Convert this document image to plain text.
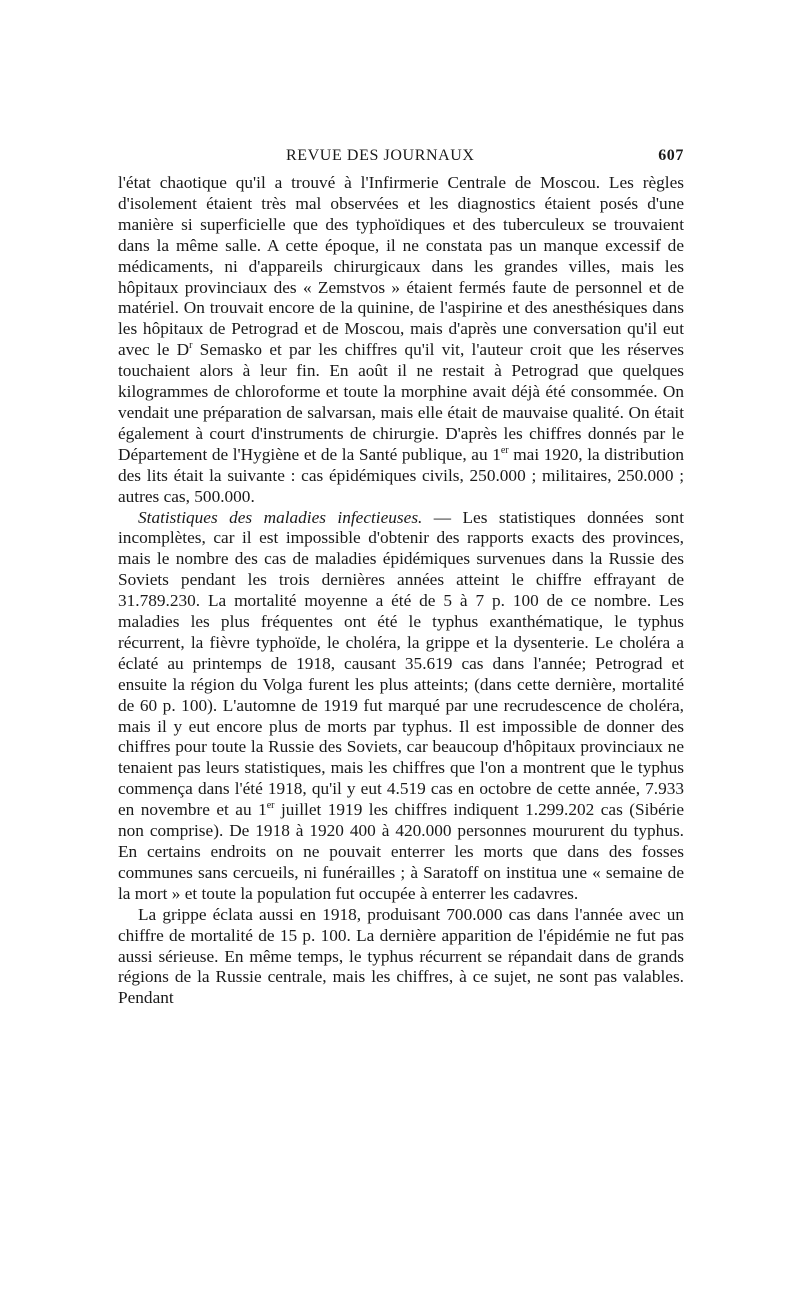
REVUE DES JOURNAUX	607

l'état chaotique qu'il a trouvé à l'Infirmerie Centrale de Moscou. Les règles d'isolement étaient très mal observées et les diagnostics étaient posés d'une manière si superficielle que des typhoïdiques et des tuberculeux se trouvaient dans la même salle. A cette époque, il ne constata pas un manque excessif de médicaments, ni d'appareils chirurgicaux dans les grandes villes, mais les hôpitaux provinciaux des « Zemstvos » étaient fermés faute de personnel et de matériel. On trouvait encore de la quinine, de l'aspirine et des anesthésiques dans les hôpitaux de Petrograd et de Moscou, mais d'après une conversation qu'il eut avec le $D^r$ Semasko et par les chiffres qu'il vit, l'auteur croit que les réserves touchaient alors à leur fin. En août il ne restait à Petrograd que quelques kilogrammes de chloroforme et toute la morphine avait déjà été consommée. On vendait une préparation de salvarsan, mais elle était de mauvaise qualité. On était également à court d'instruments de chirurgie. D'après les chiffres donnés par le Département de l'Hygiène et de la Santé publique, au 1er mai 1920, la distribution des lits était la suivante : cas épidémiques civils, 250.000 ; militaires, 250.000 ; autres cas, 500.000.

Statistiques des maladies infectieuses. — Les statistiques données sont incomplètes, car il est impossible d'obtenir des rapports exacts des provinces, mais le nombre des cas de maladies épidémiques survenues dans la Russie des Soviets pendant les trois dernières années atteint le chiffre effrayant de 31.789.230. La mortalité moyenne a été de 5 à 7 p. 100 de ce nombre. Les maladies les plus fréquentes ont été le typhus exanthématique, le typhus récurrent, la fièvre typhoïde, le choléra, la grippe et la dysenterie. Le choléra a éclaté au printemps de 1918, causant 35.619 cas dans l'année; Petrograd et ensuite la région du Volga furent les plus atteints; (dans cette dernière, mortalité de 60 p. 100). L'automne de 1919 fut marqué par une recrudescence de choléra, mais il y eut encore plus de morts par typhus. Il est impossible de donner des chiffres pour toute la Russie des Soviets, car beaucoup d'hôpitaux provinciaux ne tenaient pas leurs statistiques, mais les chiffres que l'on a montrent que le typhus commença dans l'été 1918, qu'il y eut 4.519 cas en octobre de cette année, 7.933 en novembre et au 1er juillet 1919 les chiffres indiquent 1.299.202 cas (Sibérie non comprise). De 1918 à 1920 400 à 420.000 personnes moururent du typhus. En certains endroits on ne pouvait enterrer les morts que dans des fosses communes sans cercueils, ni funérailles ; à Saratoff on institua une « semaine de la mort » et toute la population fut occupée à enterrer les cadavres.

La grippe éclata aussi en 1918, produisant 700.000 cas dans l'année avec un chiffre de mortalité de 15 p. 100. La dernière apparition de l'épidémie ne fut pas aussi sérieuse. En même temps, le typhus récurrent se répandait dans de grands régions de la Russie centrale, mais les chiffres, à ce sujet, ne sont pas valables. Pendant
